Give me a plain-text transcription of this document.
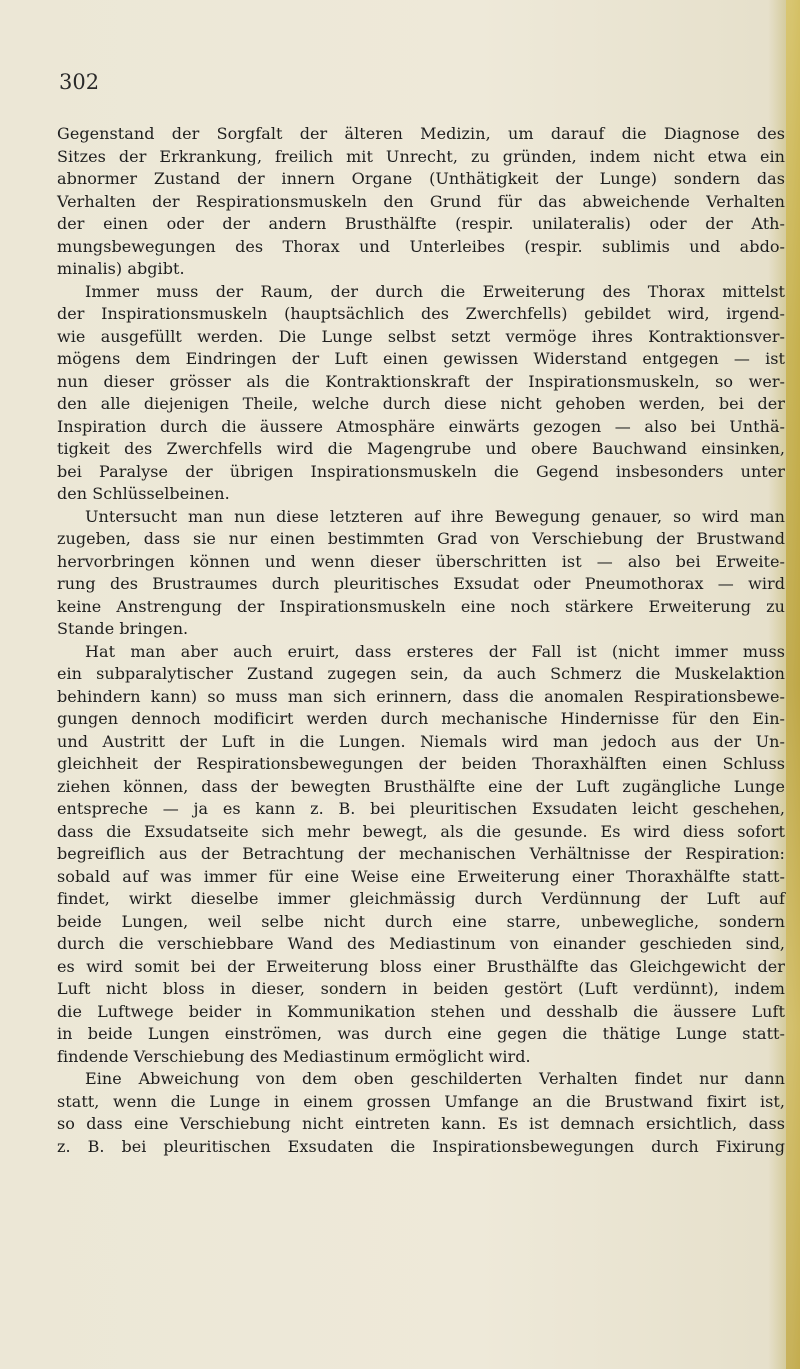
302
Gegenstand der Sorgfalt der älteren Medizin, um darauf die Diagnose des
Sitzes der Erkrankung, freilich mit Unrecht, zu gründen, indem nicht etwa ein
abnormer Zustand der innern Organe (Unthätigkeit der Lunge) sondern das
Verhalten der Respirationsmuskeln den Grund für das abweichende Verhalten
der einen oder der andern Brusthälfte (respir. unilateralis) oder der Ath-
mungsbewegungen des Thorax und Unterleibes (respir. sublimis und abdo-
minalis) abgibt.
Immer muss der Raum, der durch die Erweiterung des Thorax mittelst
der Inspirationsmuskeln (hauptsächlich des Zwerchfells) gebildet wird, irgend-
wie ausgefüllt werden. Die Lunge selbst setzt vermöge ihres Kontraktionsver-
mögens dem Eindringen der Luft einen gewissen Widerstand entgegen — ist
nun dieser grösser als die Kontraktionskraft der Inspirationsmuskeln, so wer-
den alle diejenigen Theile, welche durch diese nicht gehoben werden, bei der
Inspiration durch die äussere Atmosphäre einwärts gezogen — also bei Unthä-
tigkeit des Zwerchfells wird die Magengrube und obere Bauchwand einsinken,
bei Paralyse der übrigen Inspirationsmuskeln die Gegend insbesonders unter
den Schlüsselbeinen.
Untersucht man nun diese letzteren auf ihre Bewegung genauer, so wird man
zugeben, dass sie nur einen bestimmten Grad von Verschiebung der Brustwand
hervorbringen können und wenn dieser überschritten ist — also bei Erweite-
rung des Brustraumes durch pleuritisches Exsudat oder Pneumothorax — wird
keine Anstrengung der Inspirationsmuskeln eine noch stärkere Erweiterung zu
Stande bringen.
Hat man aber auch eruirt, dass ersteres der Fall ist (nicht immer muss
ein subparalytischer Zustand zugegen sein, da auch Schmerz die Muskelaktion
behindern kann) so muss man sich erinnern, dass die anomalen Respirationsbewe-
gungen dennoch modificirt werden durch mechanische Hindernisse für den Ein-
und Austritt der Luft in die Lungen. Niemals wird man jedoch aus der Un-
gleichheit der Respirationsbewegungen der beiden Thoraxhälften einen Schluss
ziehen können, dass der bewegten Brusthälfte eine der Luft zugängliche Lunge
entspreche — ja es kann z. B. bei pleuritischen Exsudaten leicht geschehen,
dass die Exsudatseite sich mehr bewegt, als die gesunde. Es wird diess sofort
begreiflich aus der Betrachtung der mechanischen Verhältnisse der Respiration:
sobald auf was immer für eine Weise eine Erweiterung einer Thoraxhälfte statt-
findet, wirkt dieselbe immer gleichmässig durch Verdünnung der Luft auf
beide Lungen, weil selbe nicht durch eine starre, unbewegliche, sondern
durch die verschiebbare Wand des Mediastinum von einander geschieden sind,
es wird somit bei der Erweiterung bloss einer Brusthälfte das Gleichgewicht der
Luft nicht bloss in dieser, sondern in beiden gestört (Luft verdünnt), indem
die Luftwege beider in Kommunikation stehen und desshalb die äussere Luft
in beide Lungen einströmen, was durch eine gegen die thätige Lunge statt-
findende Verschiebung des Mediastinum ermöglicht wird.
Eine Abweichung von dem oben geschilderten Verhalten findet nur dann
statt, wenn die Lunge in einem grossen Umfange an die Brustwand fixirt ist,
so dass eine Verschiebung nicht eintreten kann. Es ist demnach ersichtlich, dass
z. B. bei pleuritischen Exsudaten die Inspirationsbewegungen durch Fixirung
